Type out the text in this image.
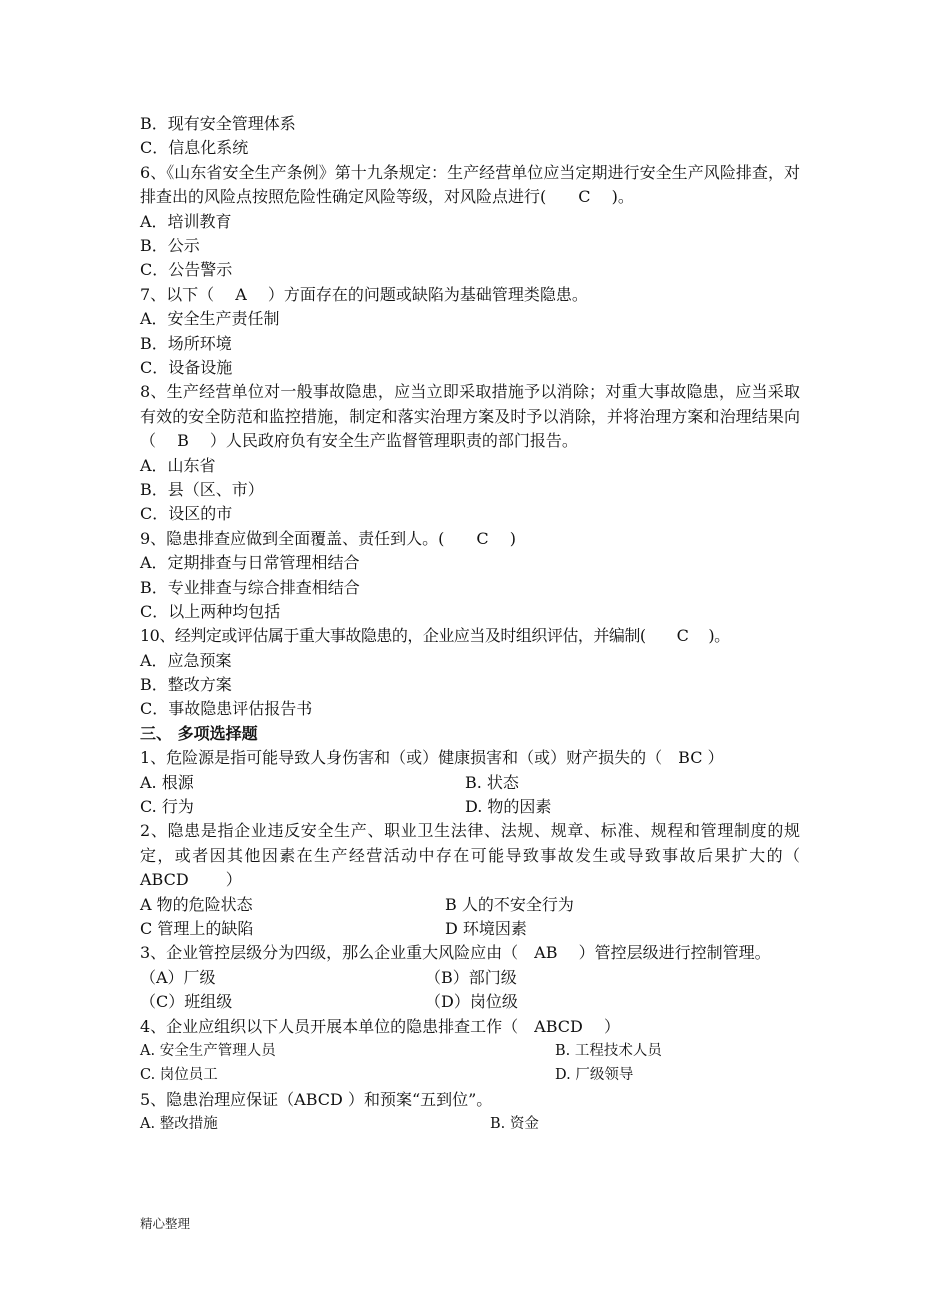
B．现有安全管理体系
C．信息化系统
6、《山东省安全生产条例》第十九条规定：生产经营单位应当定期进行安全生产风险排查，对排查出的风险点按照危险性确定风险等级，对风险点进行(　　C　 )。
A．培训教育
B．公示
C．公告警示
7、以下（　 A　 ）方面存在的问题或缺陷为基础管理类隐患。
A．安全生产责任制
B．场所环境
C．设备设施
8、生产经营单位对一般事故隐患，应当立即采取措施予以消除；对重大事故隐患，应当采取有效的安全防范和监控措施，制定和落实治理方案及时予以消除，并将治理方案和治理结果向（　 B　 ）人民政府负有安全生产监督管理职责的部门报告。
A．山东省
B．县（区、市）
C．设区的市
9、隐患排查应做到全面覆盖、责任到人。(　　C　 )
A．定期排查与日常管理相结合
B．专业排查与综合排查相结合
C．以上两种均包括
10、经判定或评估属于重大事故隐患的，企业应当及时组织评估，并编制(　　C　 )。
A．应急预案
B．整改方案
C．事故隐患评估报告书
三、 多项选择题
1、危险源是指可能导致人身伤害和（或）健康损害和（或）财产损失的（　BC ）
A. 根源	B. 状态
C. 行为	D. 物的因素
2、隐患是指企业违反安全生产、职业卫生法律、法规、规章、标准、规程和管理制度的规定，或者因其他因素在生产经营活动中存在可能导致事故发生或导致事故后果扩大的（　ABCD　　 ）
A 物的危险状态	B 人的不安全行为
C 管理上的缺陷	D 环境因素
3、企业管控层级分为四级，那么企业重大风险应由（　AB　 ）管控层级进行控制管理。
（A）厂级	（B）部门级
（C）班组级	（D）岗位级
4、企业应组织以下人员开展本单位的隐患排查工作（　ABCD　 ）
A. 安全生产管理人员	B. 工程技术人员
C. 岗位员工	D. 厂级领导
5、隐患治理应保证（ABCD ）和预案“五到位”。
A. 整改措施	B. 资金
精心整理
